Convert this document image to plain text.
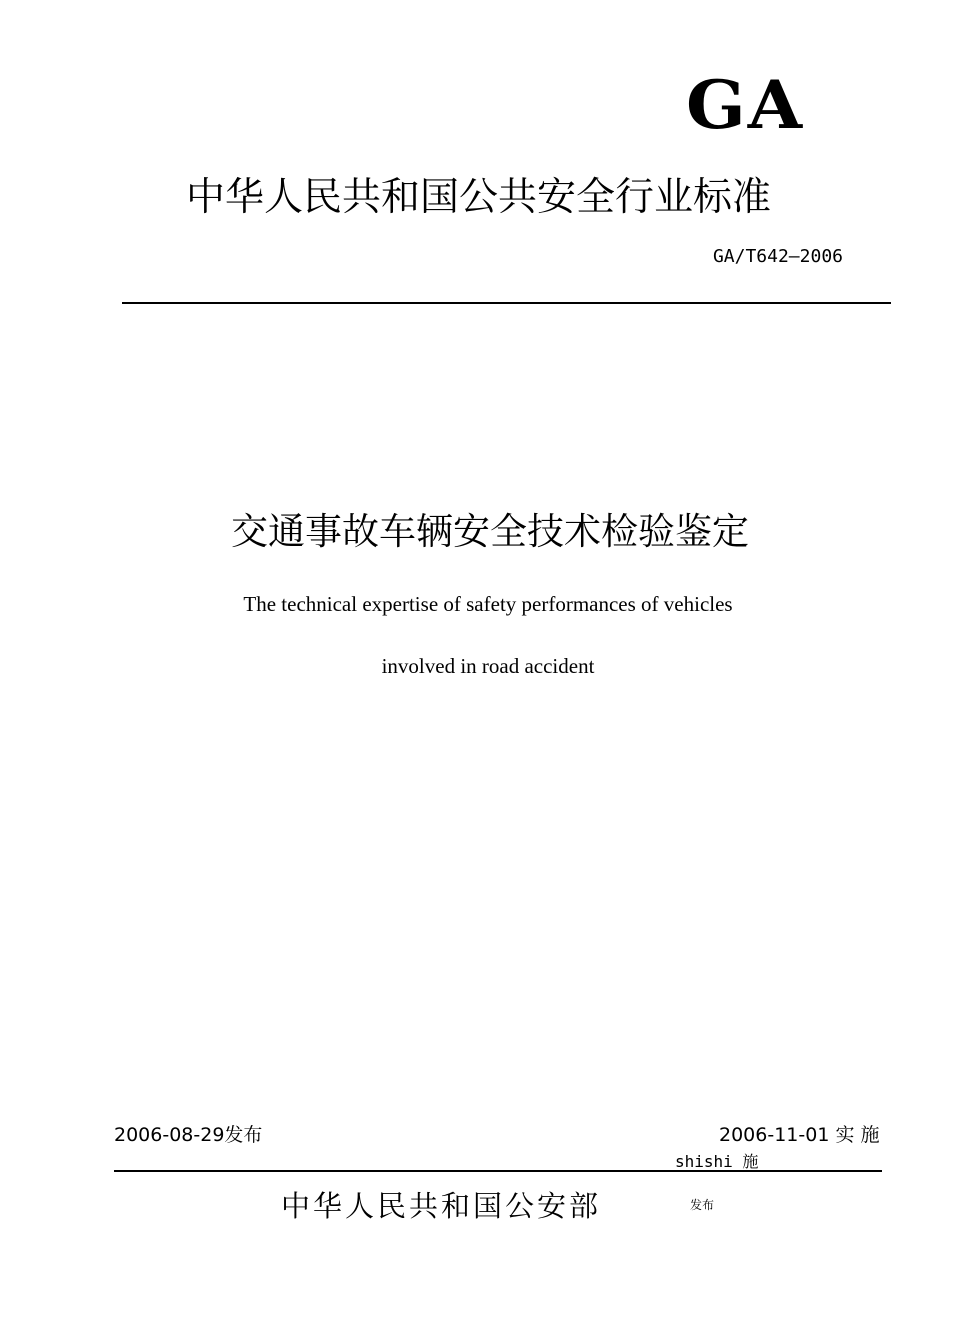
GA
中华人民共和国公共安全行业标准
GA/T642—2006
交通事故车辆安全技术检验鉴定
The technical expertise of safety performances of vehicles
involved in road accident
2006-08-29发布	2006-11-01 实 施
shishi 施
中华人民共和国公安部	发布
